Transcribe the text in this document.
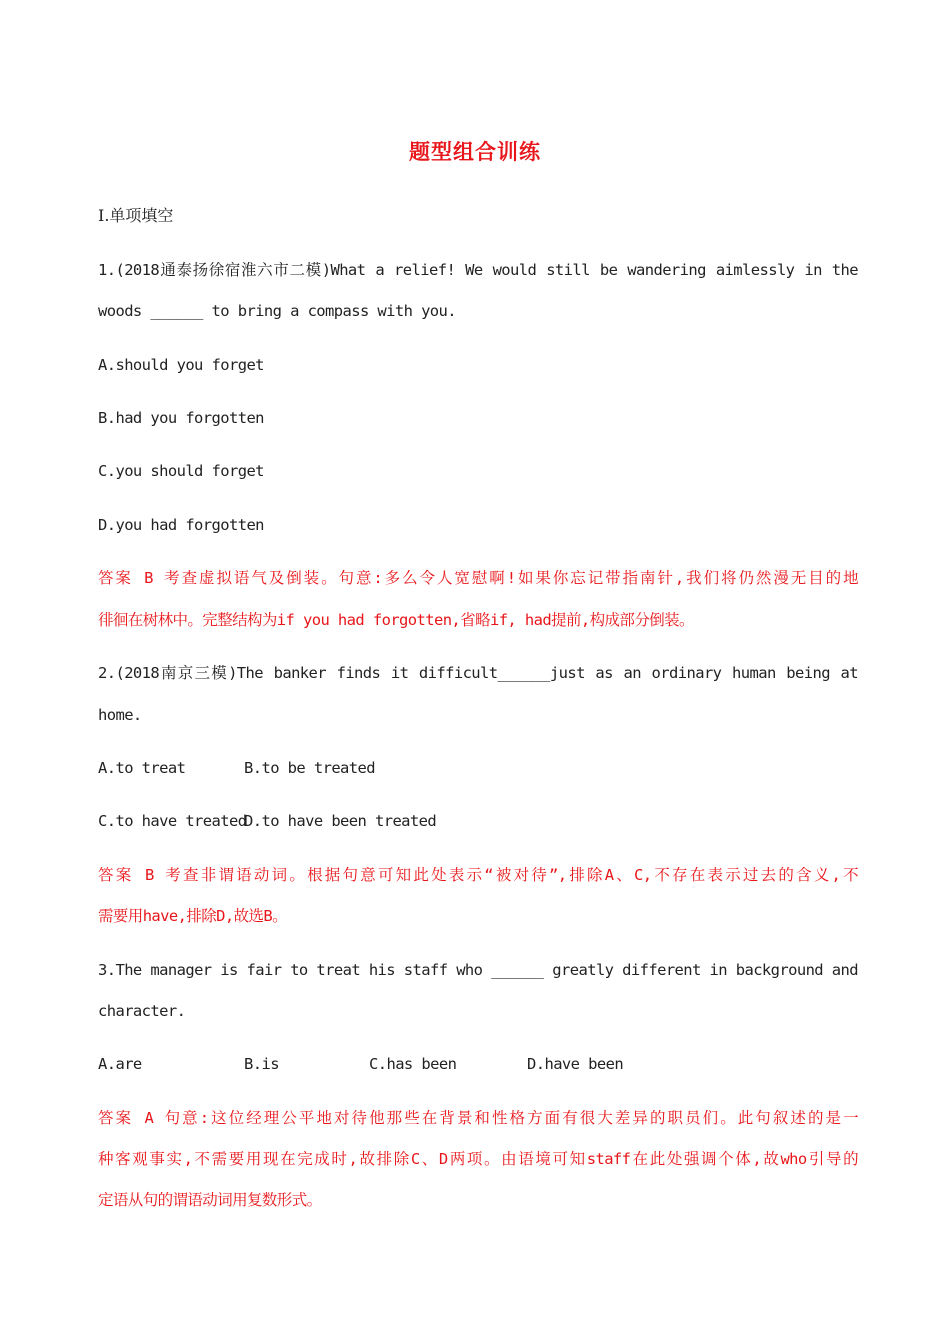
题型组合训练
Ⅰ.单项填空
1.(2018通泰扬徐宿淮六市二模)What a relief! We would still be wandering aimlessly in the
woods ______ to bring a compass with you.
A.should you forget
B.had you forgotten
C.you should forget
D.you had forgotten
答案 B 考查虚拟语气及倒装。句意:多么令人宽慰啊!如果你忘记带指南针,我们将仍然漫无目的地
徘徊在树林中。完整结构为if you had forgotten,省略if, had提前,构成部分倒装。
2.(2018南京三模)The banker finds it difficult______just as an ordinary human being at
home.
A.to treat	B.to be treated
C.to have treated
D.to have been treated
答案 B 考查非谓语动词。根据句意可知此处表示“被对待”,排除A、C,不存在表示过去的含义,不
需要用have,排除D,故选B。
3.The manager is fair to treat his staff who ______ greatly different in background and
character.
A.are	B.is	C.has been	D.have been
答案 A 句意:这位经理公平地对待他那些在背景和性格方面有很大差异的职员们。此句叙述的是一
种客观事实,不需要用现在完成时,故排除C、D两项。由语境可知staff在此处强调个体,故who引导的
定语从句的谓语动词用复数形式。
